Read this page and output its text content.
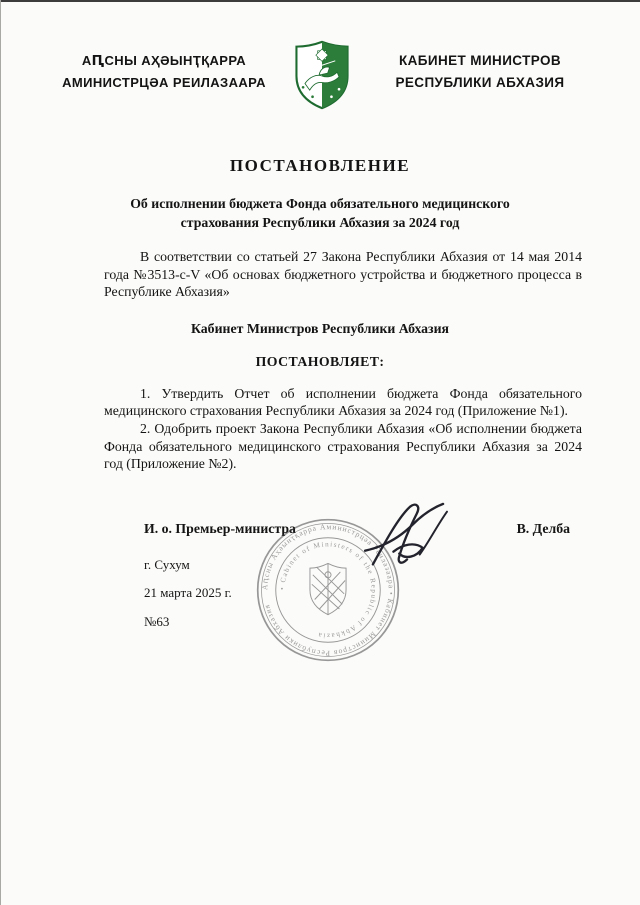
АԤСНЫ АҲӘЫНҬҚАРРА
АМИНИСТРЦӘА РЕИЛАЗААРА
КАБИНЕТ МИНИСТРОВ
РЕСПУБЛИКИ АБХАЗИЯ
ПОСТАНОВЛЕНИЕ
Об исполнении бюджета Фонда обязательного медицинского
страхования Республики Абхазия за 2024 год

В соответствии со статьей 27 Закона Республики Абхазия от 14 мая 2014 года №3513-с-V «Об основах бюджетного устройства и бюджетного процесса в Республике Абхазия»

Кабинет Министров Республики Абхазия

ПОСТАНОВЛЯЕТ:

1. Утвердить Отчет об исполнении бюджета Фонда обязательного медицинского страхования Республики Абхазия за 2024 год (Приложение №1).

2. Одобрить проект Закона Республики Абхазия «Об исполнении бюджета Фонда обязательного медицинского страхования Республики Абхазия за 2024 год (Приложение №2).

И. о. Премьер-министра	В. Делба
г. Сухум
21 марта 2025 г.
№63
Аԥсны Аҳәынҭқарра Аминистрцәа Реилазаара • Кабинет Министров Республики Абхазия
• Cabinet of Ministers of the Republic of Abkhazia
